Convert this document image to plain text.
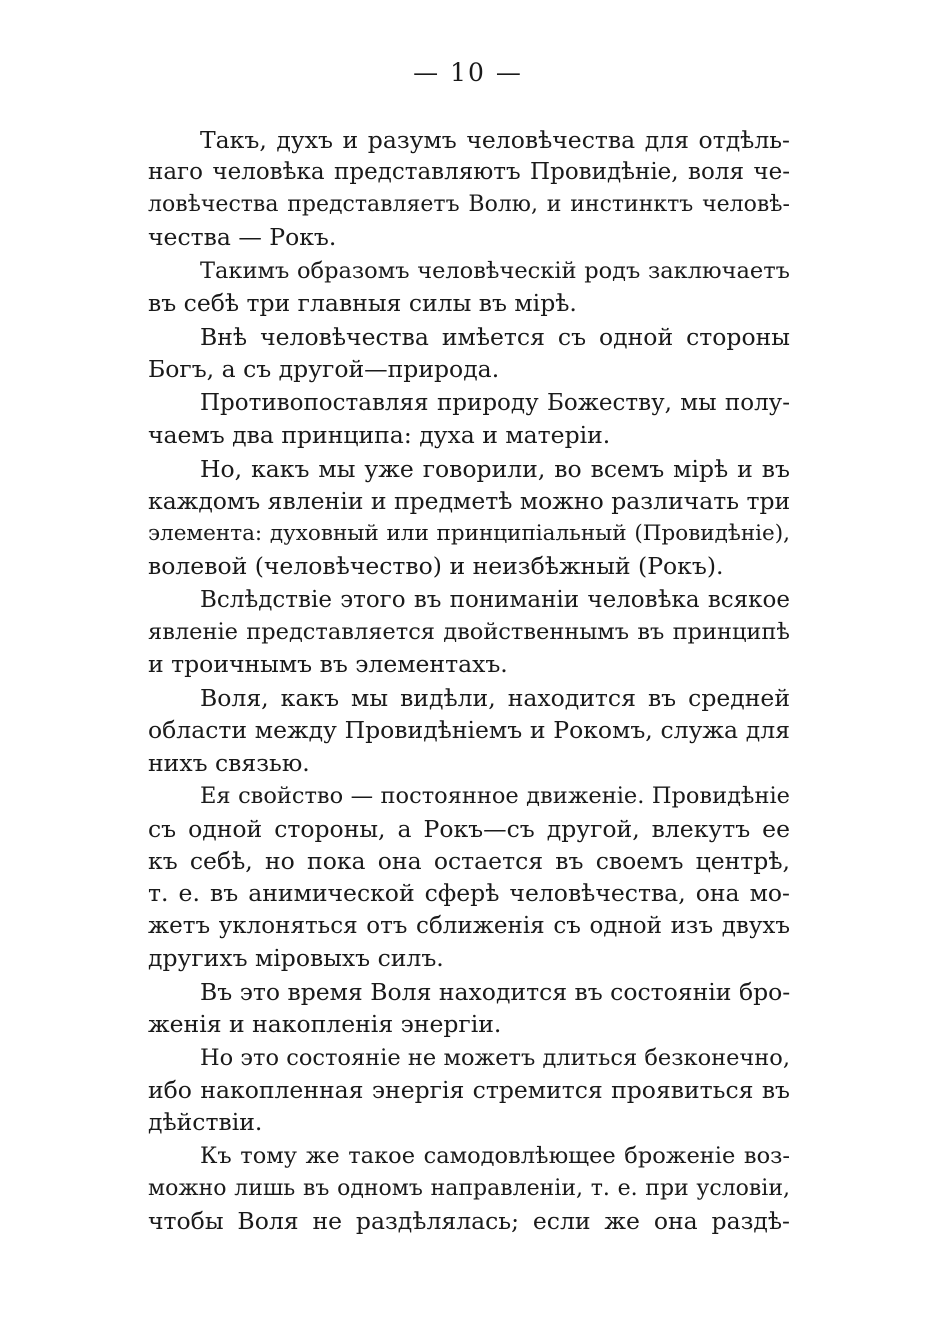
— 10 —
Такъ, духъ и разумъ человѣчества для отдѣль-
наго человѣка представляютъ Провидѣніе, воля че-
ловѣчества представляетъ Волю, и инстинктъ человѣ-
чества — Рокъ.
Такимъ образомъ человѣческій родъ заключаетъ
въ себѣ три главныя силы въ мірѣ.
Внѣ человѣчества имѣется съ одной стороны
Богъ, а съ другой—природа.
Противопоставляя природу Божеству, мы полу-
чаемъ два принципа: духа и матеріи.
Но, какъ мы уже говорили, во всемъ мірѣ и въ
каждомъ явленіи и предметѣ можно различать три
элемента: духовный или принципіальный (Провидѣніе),
волевой (человѣчество) и неизбѣжный (Рокъ).
Вслѣдствіе этого въ пониманіи человѣка всякое
явленіе представляется двойственнымъ въ принципѣ
и троичнымъ въ элементахъ.
Воля, какъ мы видѣли, находится въ средней
области между Провидѣніемъ и Рокомъ, служа для
нихъ связью.
Ея свойство — постоянное движеніе. Провидѣніе
съ одной стороны, а Рокъ—съ другой, влекутъ ее
къ себѣ, но пока она остается въ своемъ центрѣ,
т. е. въ анимической сферѣ человѣчества, она мо-
жетъ уклоняться отъ сближенія съ одной изъ двухъ
другихъ міровыхъ силъ.
Въ это время Воля находится въ состояніи бро-
женія и накопленія энергіи.
Но это состояніе не можетъ длиться безконечно,
ибо накопленная энергія стремится проявиться въ
дѣйствіи.
Къ тому же такое самодовлѣющее броженіе воз-
можно лишь въ одномъ направленіи, т. е. при условіи,
чтобы Воля не раздѣлялась; если же она раздѣ-
